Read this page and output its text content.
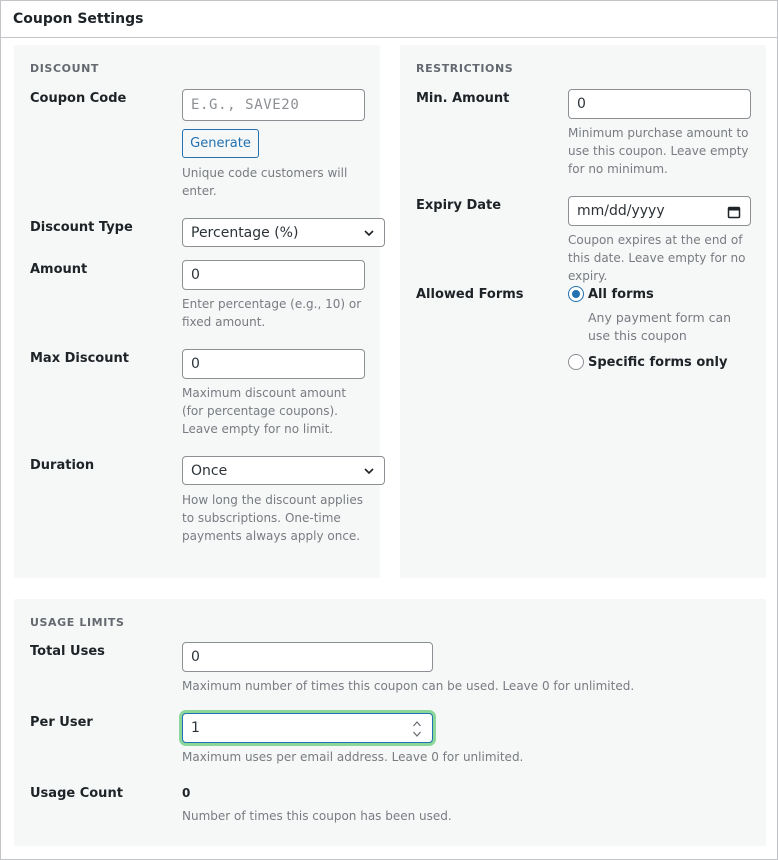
Coupon Settings
DISCOUNT
Coupon Code	E.G., SAVE20
Generate
Unique code customers will enter.
Discount Type	Percentage (%)
Amount	0
Enter percentage (e.g., 10) or fixed amount.
Max Discount	0
Maximum discount amount (for percentage coupons). Leave empty for no limit.
Duration	Once
How long the discount applies to subscriptions. One-time payments always apply once.
RESTRICTIONS
Min. Amount	0
Minimum purchase amount to use this coupon. Leave empty for no minimum.
Expiry Date	mm/dd/yyyy
Coupon expires at the end of this date. Leave empty for no expiry.
Allowed Forms	All forms
Any payment form can use this coupon
Specific forms only
USAGE LIMITS
Total Uses	0
Maximum number of times this coupon can be used. Leave 0 for unlimited.
Per User	1
Maximum uses per email address. Leave 0 for unlimited.
Usage Count	0
Number of times this coupon has been used.
